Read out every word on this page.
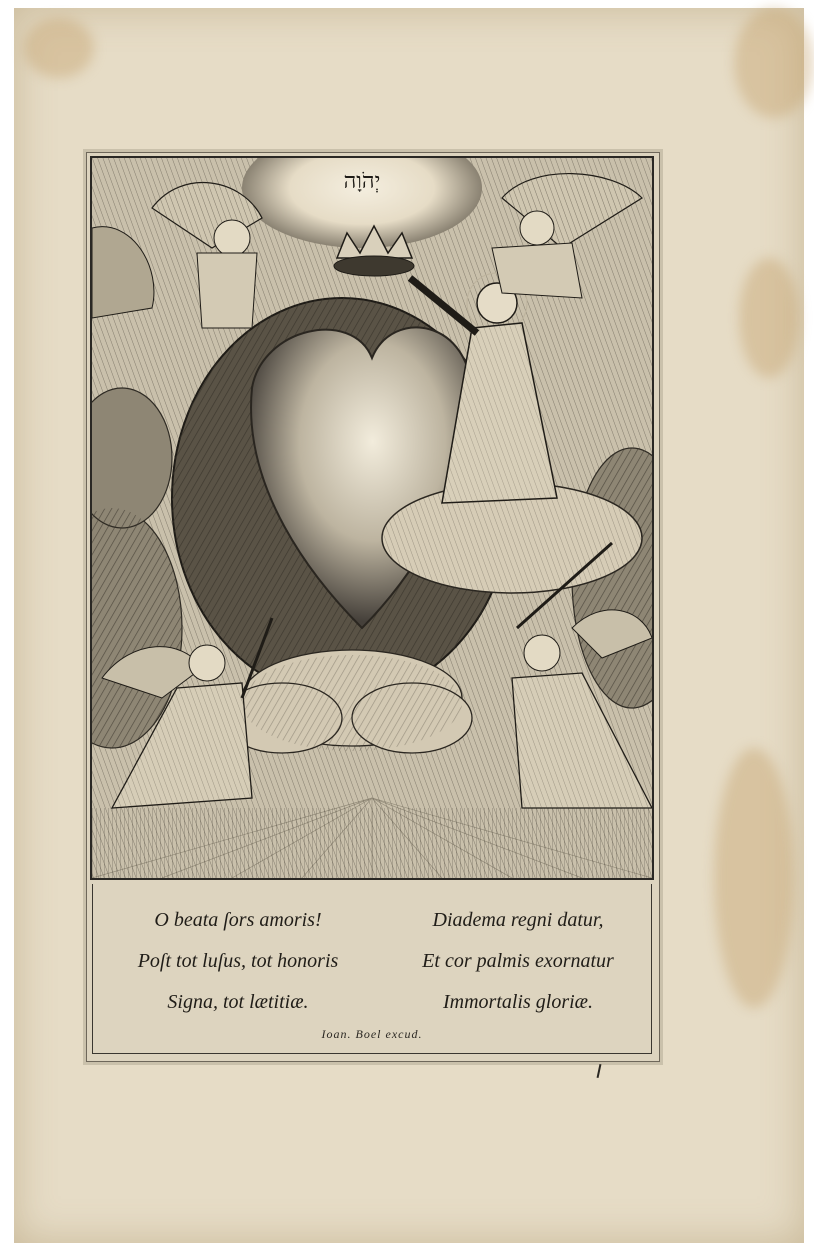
יְהֹוָה
O beata ſors amoris!
Poſt tot luſus, tot honoris
Signa, tot lætitiæ.
Diadema regni datur,
Et cor palmis exornatur
Immortalis gloriæ.
Ioan. Boel excud.
